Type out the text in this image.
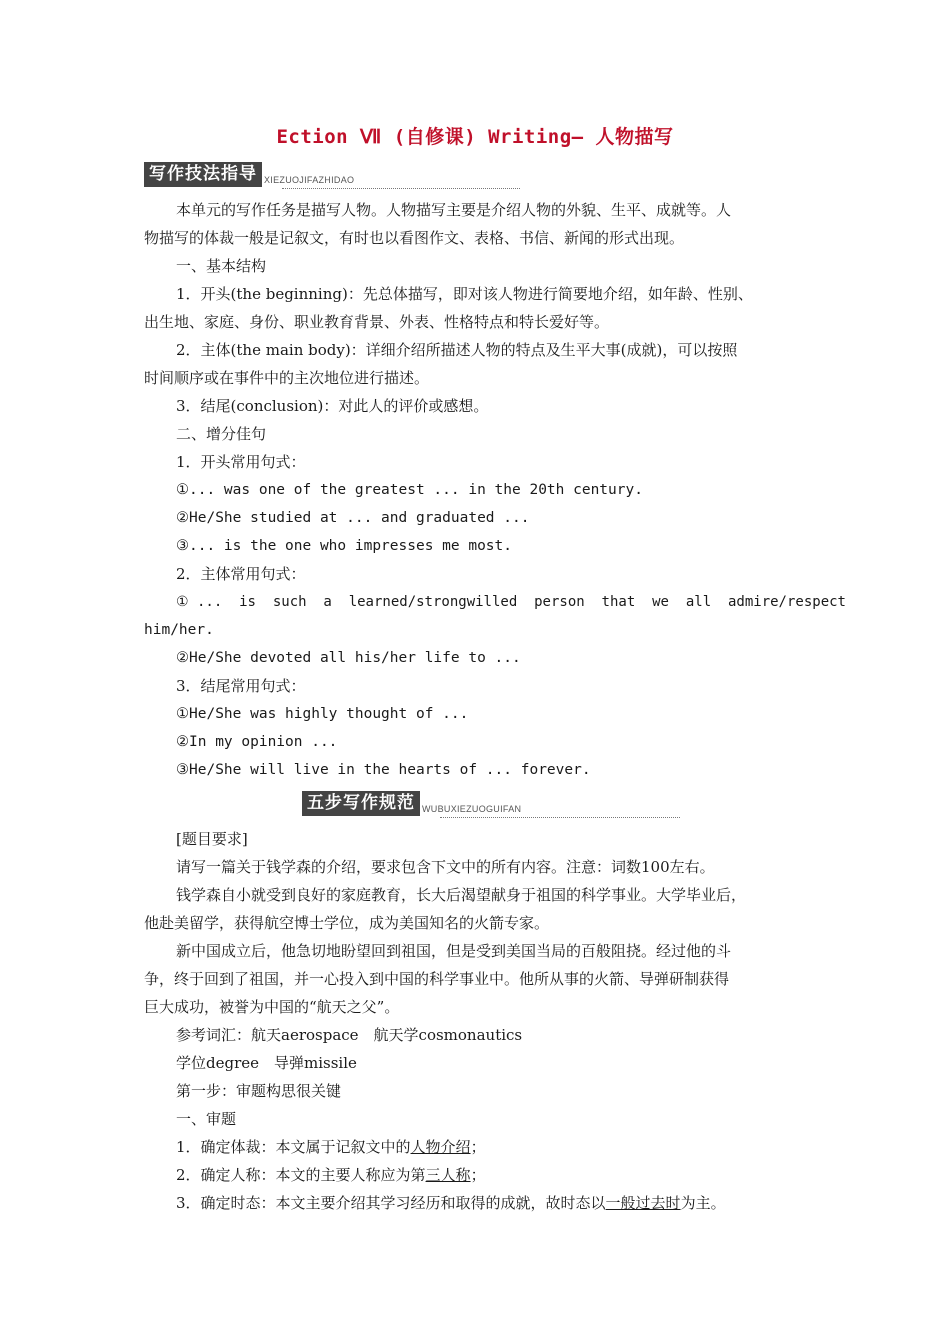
Ection Ⅶ (自修课) Writing— 人物描写
写作技法指导 XIEZUOJIFAZHIDAO
本单元的写作任务是描写人物。人物描写主要是介绍人物的外貌、生平、成就等。人
物描写的体裁一般是记叙文，有时也以看图作文、表格、书信、新闻的形式出现。
一、基本结构
1．开头(the beginning)：先总体描写，即对该人物进行简要地介绍，如年龄、性别、
出生地、家庭、身份、职业教育背景、外表、性格特点和特长爱好等。
2．主体(the main body)：详细介绍所描述人物的特点及生平大事(成就)，可以按照
时间顺序或在事件中的主次地位进行描述。
3．结尾(conclusion)：对此人的评价或感想。
二、增分佳句
1．开头常用句式：
①... was one of the greatest ... in the 20th century.
②He/She studied at ... and graduated ...
③... is the one who impresses me most.
2．主体常用句式：
① ...  is  such  a  learned/strongwilled  person  that  we  all  admire/respect
him/her.
②He/She devoted all his/her life to ...
3．结尾常用句式：
①He/She was highly thought of ...
②In my opinion ...
③He/She will live in the hearts of ... forever.
五步写作规范 WUBUXIEZUOGUIFAN
[题目要求]
请写一篇关于钱学森的介绍，要求包含下文中的所有内容。注意：词数100左右。
钱学森自小就受到良好的家庭教育，长大后渴望献身于祖国的科学事业。大学毕业后，
他赴美留学，获得航空博士学位，成为美国知名的火箭专家。
新中国成立后，他急切地盼望回到祖国，但是受到美国当局的百般阻挠。经过他的斗
争，终于回到了祖国，并一心投入到中国的科学事业中。他所从事的火箭、导弹研制获得
巨大成功，被誉为中国的“航天之父”。
参考词汇：航天aerospace　航天学cosmonautics
学位degree　导弹missile
第一步：审题构思很关键
一、审题
1．确定体裁：本文属于记叙文中的人物介绍；
2．确定人称：本文的主要人称应为第三人称；
3．确定时态：本文主要介绍其学习经历和取得的成就，故时态以一般过去时为主。
